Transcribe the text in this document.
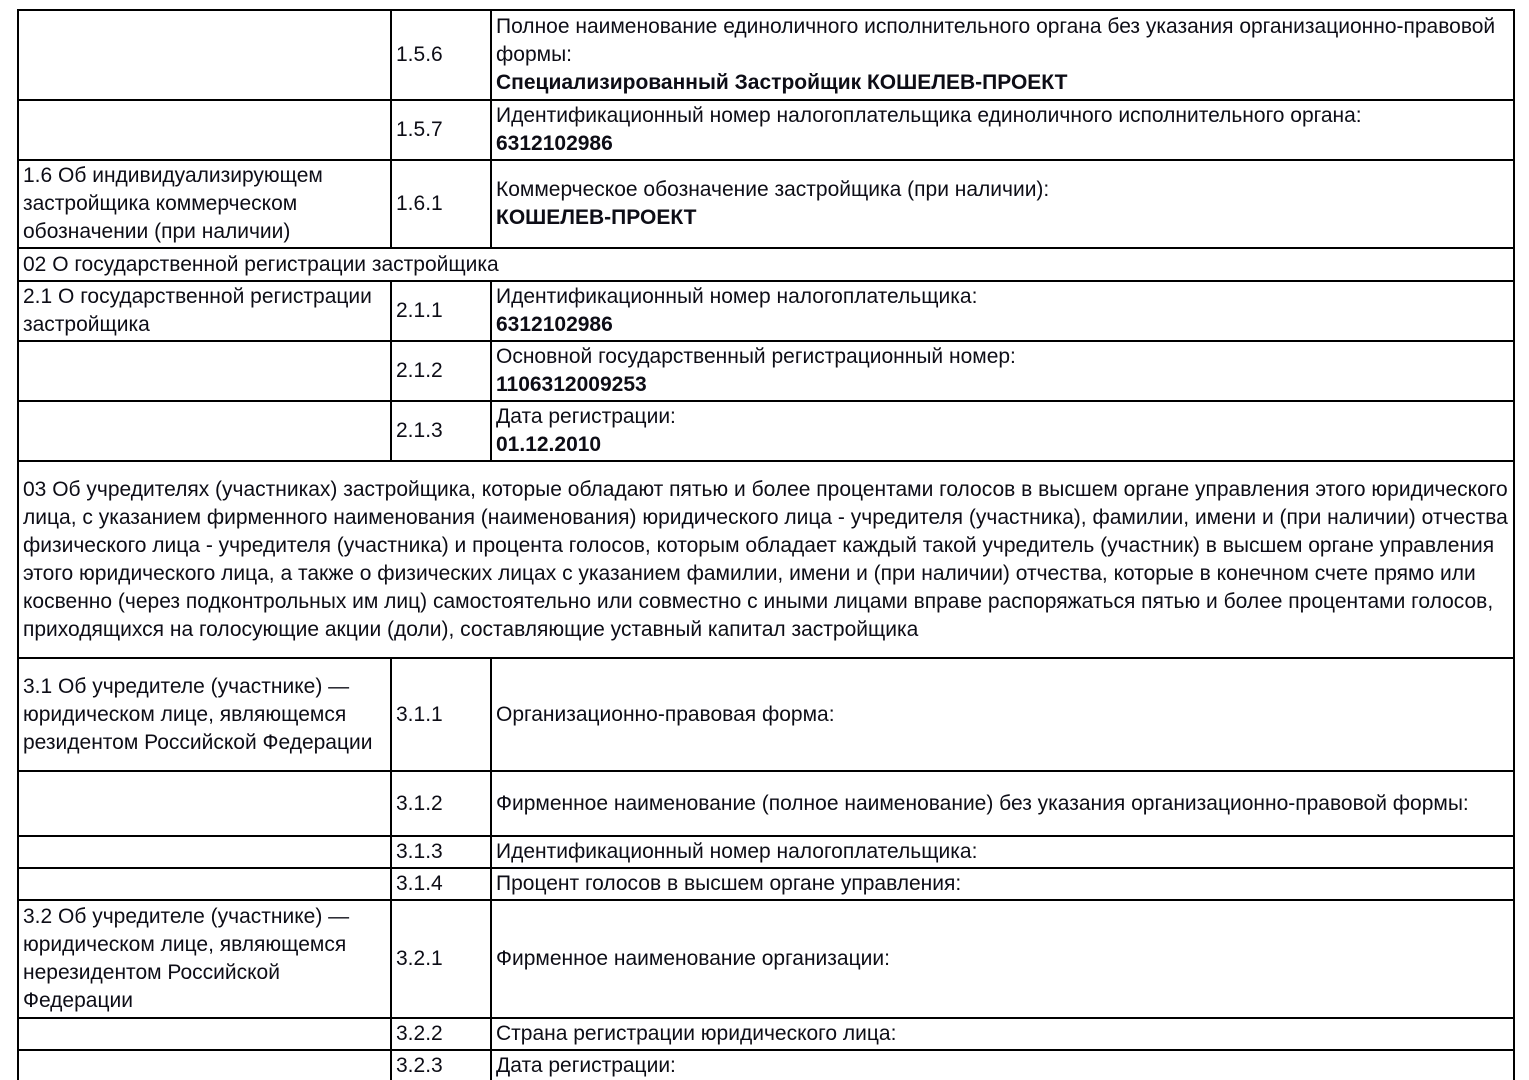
	1.5.6	Полное наименование единоличного исполнительного органа без указания организационно-правовой формы:
Специализированный Застройщик КОШЕЛЕВ-ПРОЕКТ

	1.5.7	Идентификационный номер налогоплательщика единоличного исполнительного органа:
6312102986

1.6 Об индивидуализирующем застройщика коммерческом обозначении (при наличии)	1.6.1	Коммерческое обозначение застройщика (при наличии):
КОШЕЛЕВ-ПРОЕКТ

02 О государственной регистрации застройщика		
2.1 О государственной регистрации застройщика	2.1.1	Идентификационный номер налогоплательщика:
6312102986

	2.1.2	Основной государственный регистрационный номер:
1106312009253

	2.1.3	Дата регистрации:
01.12.2010

03 Об учредителях (участниках) застройщика, которые обладают пятью и более процентами голосов в высшем органе управления этого юридического лица, с указанием фирменного наименования (наименования) юридического лица - учредителя (участника), фамилии, имени и (при наличии) отчества физического лица - учредителя (участника) и процента голосов, которым обладает каждый такой учредитель (участник) в высшем органе управления этого юридического лица, а также о физических лицах с указанием фамилии, имени и (при наличии) отчества, которые в конечном счете прямо или косвенно (через подконтрольных им лиц) самостоятельно или совместно с иными лицами вправе распоряжаться пятью и более процентами голосов, приходящихся на голосующие акции (доли), составляющие уставный капитал застройщика		
3.1 Об учредителе (участнике) — юридическом лице, являющемся резидентом Российской Федерации	3.1.1	Организационно-правовая форма:

	3.1.2	Фирменное наименование (полное наименование) без указания организационно-правовой формы:

	3.1.3	Идентификационный номер налогоплательщика:

	3.1.4	Процент голосов в высшем органе управления:

3.2 Об учредителе (участнике) — юридическом лице, являющемся нерезидентом Российской Федерации	3.2.1	Фирменное наименование организации:

	3.2.2	Страна регистрации юридического лица:

	3.2.3	Дата регистрации:
